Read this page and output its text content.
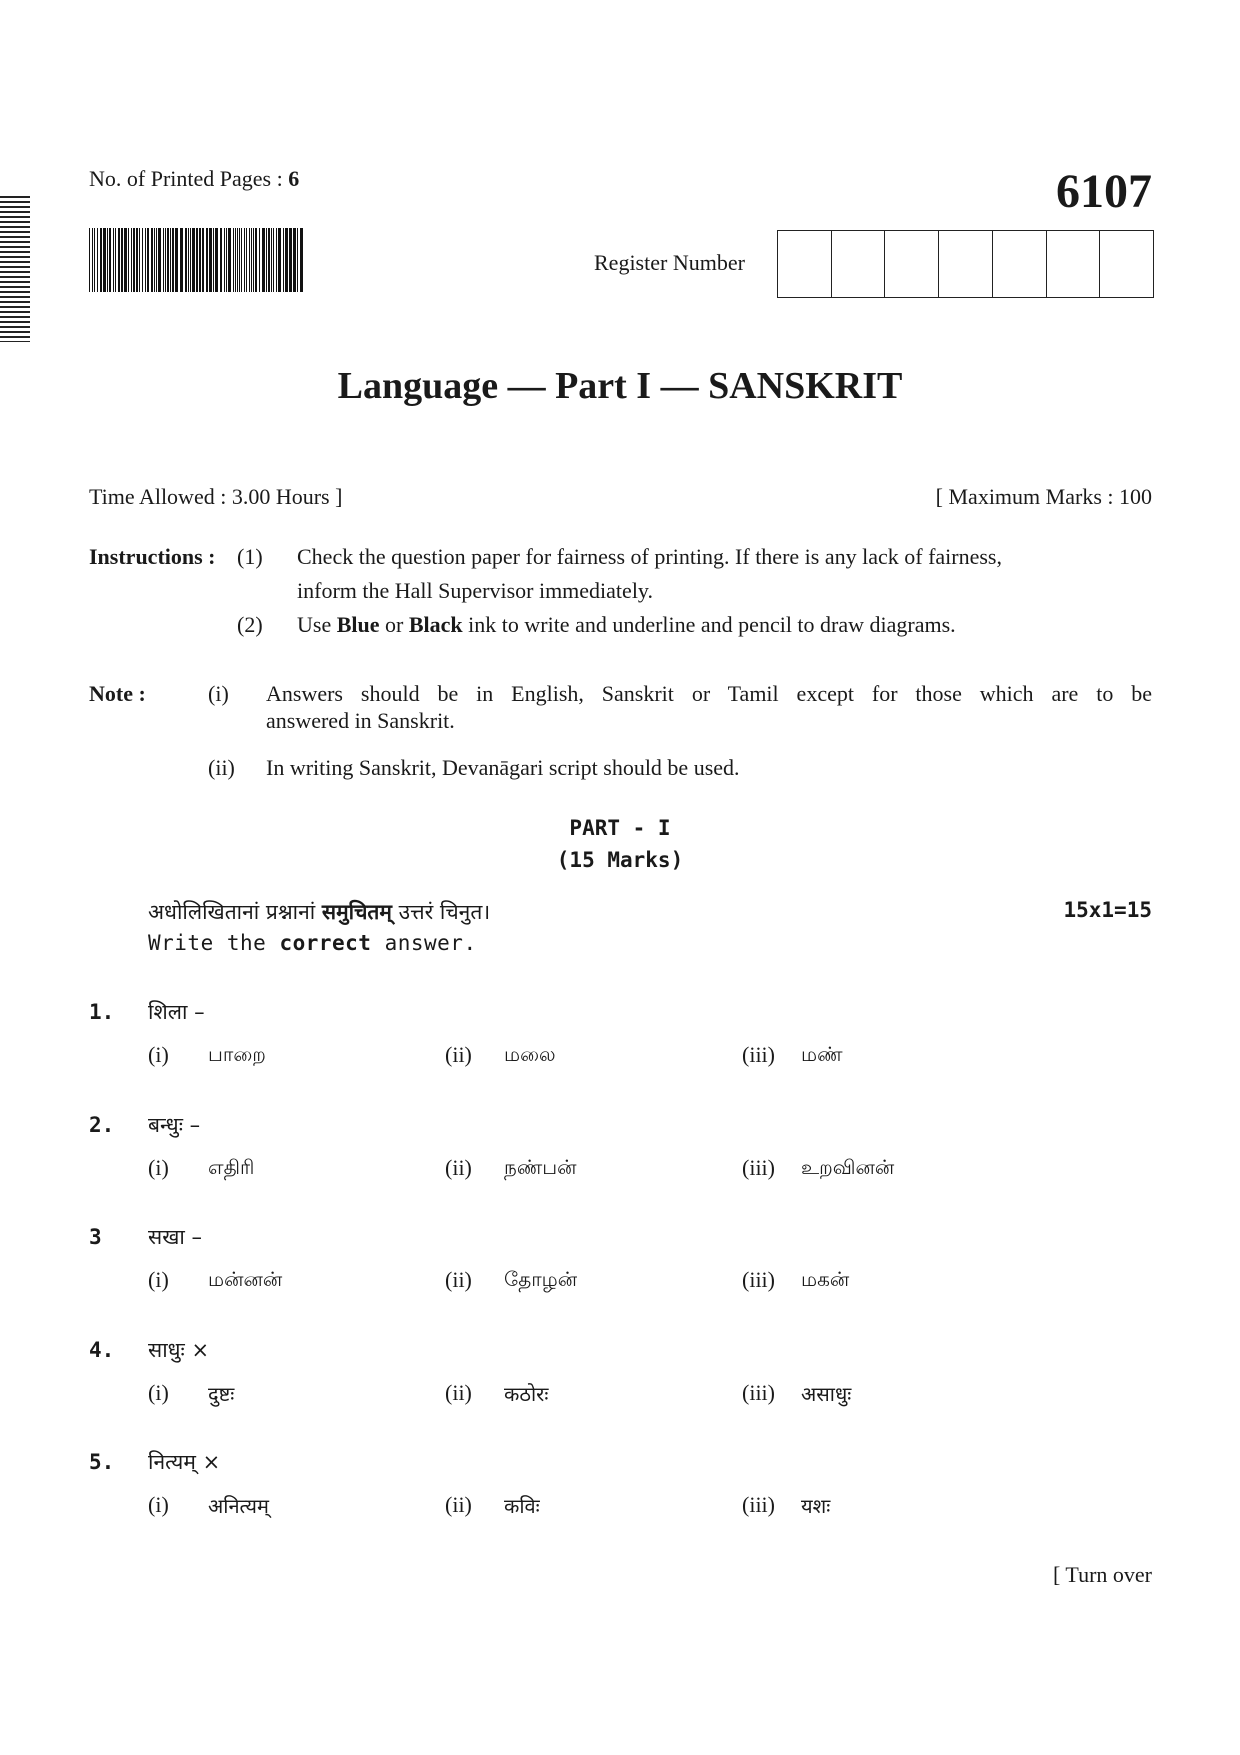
No. of Printed Pages : 6	6107
Register Number
Language — Part I — SANSKRIT
Time Allowed : 3.00 Hours ]	[ Maximum Marks : 100
Instructions : (1) Check the question paper for fairness of printing. If there is any lack of fairness,
inform the Hall Supervisor immediately.
(2) Use Blue or Black ink to write and underline and pencil to draw diagrams.
Note :	(i) Answers should be in English, Sanskrit or Tamil except for those which are to be
answered in Sanskrit.
(ii) In writing Sanskrit, Devanāgari script should be used.
PART - I
(15 Marks)
अधोलिखितानां प्रश्नानां समुचितम् उत्तरं चिनुत।
Write the correct answer.
15x1=15
1. शिला –
(i) பாறை	(ii) மலை	(iii) மண்
2. बन्धुः –
(i) எதிரி	(ii) நண்பன்	(iii) உறவினன்
3 सखा –
(i) மன்னன்	(ii) தோழன்	(iii) மகன்
4. साधुः ×
(i) दुष्टः	(ii) कठोरः	(iii) असाधुः
5. नित्यम् ×
(i) अनित्यम्	(ii) कविः	(iii) यशः
[ Turn over
